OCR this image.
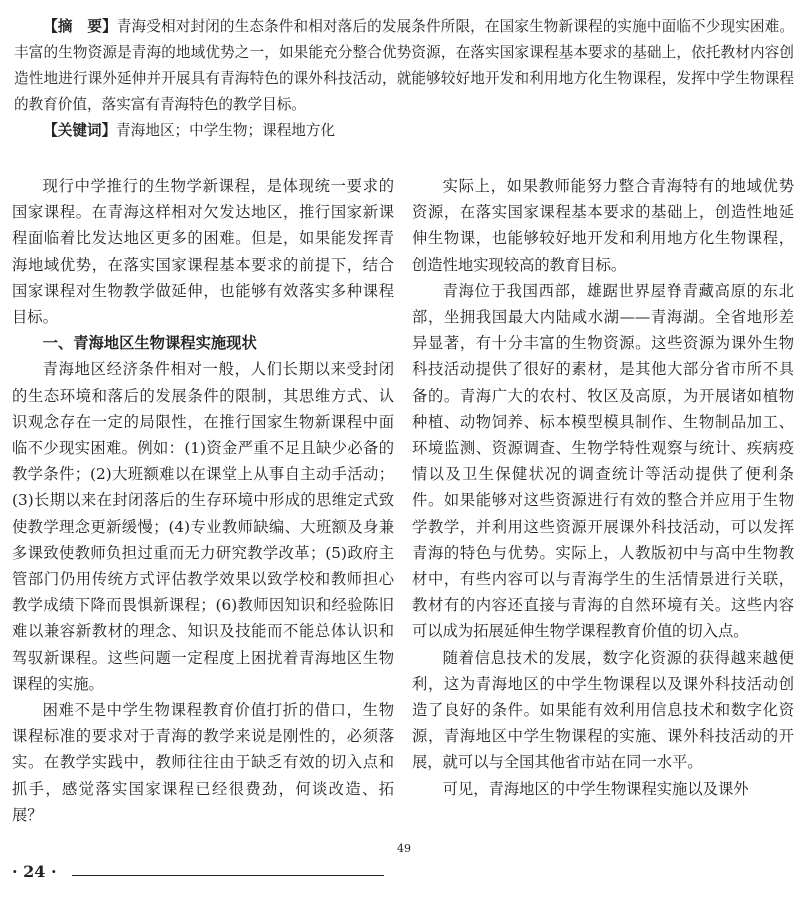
【摘　要】青海受相对封闭的生态条件和相对落后的发展条件所限，在国家生物新课程的实施中面临不少现实困难。丰富的生物资源是青海的地域优势之一，如果能充分整合优势资源，在落实国家课程基本要求的基础上，依托教材内容创造性地进行课外延伸并开展具有青海特色的课外科技活动，就能够较好地开发和利用地方化生物课程，发挥中学生物课程的教育价值，落实富有青海特色的教学目标。

【关键词】青海地区；中学生物；课程地方化

现行中学推行的生物学新课程，是体现统一要求的国家课程。在青海这样相对欠发达地区，推行国家新课程面临着比发达地区更多的困难。但是，如果能发挥青海地域优势，在落实国家课程基本要求的前提下，结合国家课程对生物教学做延伸，也能够有效落实多种课程目标。

一、青海地区生物课程实施现状

青海地区经济条件相对一般，人们长期以来受封闭的生态环境和落后的发展条件的限制，其思维方式、认识观念存在一定的局限性，在推行国家生物新课程中面临不少现实困难。例如：(1)资金严重不足且缺少必备的教学条件；(2)大班额难以在课堂上从事自主动手活动；(3)长期以来在封闭落后的生存环境中形成的思维定式致使教学理念更新缓慢；(4)专业教师缺编、大班额及身兼多课致使教师负担过重而无力研究教学改革；(5)政府主管部门仍用传统方式评估教学效果以致学校和教师担心教学成绩下降而畏惧新课程；(6)教师因知识和经验陈旧难以兼容新教材的理念、知识及技能而不能总体认识和驾驭新课程。这些问题一定程度上困扰着青海地区生物课程的实施。

困难不是中学生物课程教育价值打折的借口，生物课程标准的要求对于青海的教学来说是刚性的，必须落实。在教学实践中，教师往往由于缺乏有效的切入点和抓手，感觉落实国家课程已经很费劲，何谈改造、拓展？

实际上，如果教师能努力整合青海特有的地域优势资源，在落实国家课程基本要求的基础上，创造性地延伸生物课，也能够较好地开发和利用地方化生物课程，创造性地实现较高的教育目标。

青海位于我国西部，雄踞世界屋脊青藏高原的东北部，坐拥我国最大内陆咸水湖——青海湖。全省地形差异显著，有十分丰富的生物资源。这些资源为课外生物科技活动提供了很好的素材，是其他大部分省市所不具备的。青海广大的农村、牧区及高原，为开展诸如植物种植、动物饲养、标本模型模具制作、生物制品加工、环境监测、资源调查、生物学特性观察与统计、疾病疫情以及卫生保健状况的调查统计等活动提供了便利条件。如果能够对这些资源进行有效的整合并应用于生物学教学，并利用这些资源开展课外科技活动，可以发挥青海的特色与优势。实际上，人教版初中与高中生物教材中，有些内容可以与青海学生的生活情景进行关联，教材有的内容还直接与青海的自然环境有关。这些内容可以成为拓展延伸生物学课程教育价值的切入点。

随着信息技术的发展，数字化资源的获得越来越便利，这为青海地区的中学生物课程以及课外科技活动创造了良好的条件。如果能有效利用信息技术和数字化资源，青海地区中学生物课程的实施、课外科技活动的开展，就可以与全国其他省市站在同一水平。

可见，青海地区的中学生物课程实施以及课外

49
· 24 ·
